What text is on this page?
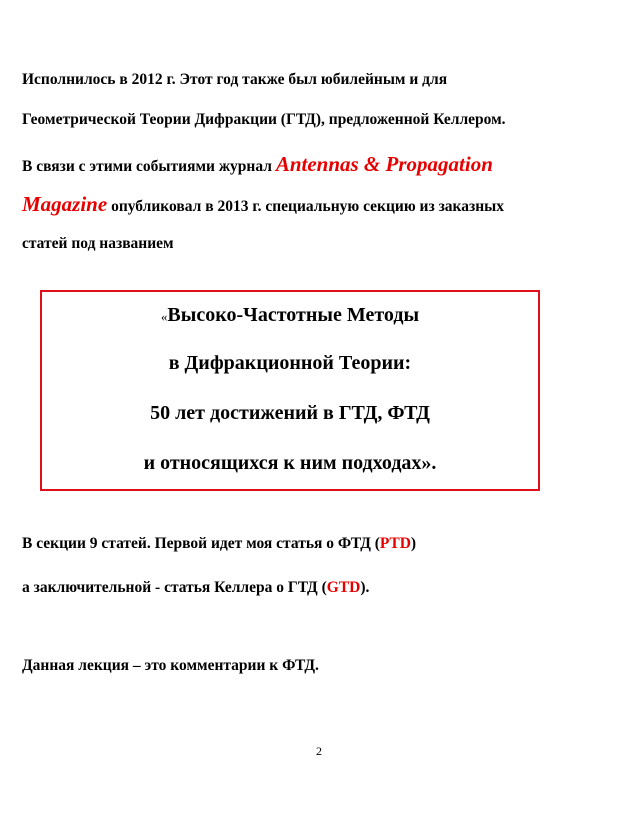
Исполнилось в 2012 г. Этот год также был юбилейным и для
Геометрической Теории Дифракции (ГТД), предложенной Келлером.
В связи с этими событиями журнал Antennas & Propagation
Magazine опубликовал в 2013 г. специальную секцию из заказных
статей под названием
«Высоко-Частотные Методы
в Дифракционной Теории:
50 лет достижений в ГТД, ФТД
и относящихся к ним подходах».
В секции 9 статей. Первой идет моя статья о ФТД (PTD)
а заключительной - статья Келлера о ГТД (GTD).
Данная лекция – это комментарии к ФТД.
2
